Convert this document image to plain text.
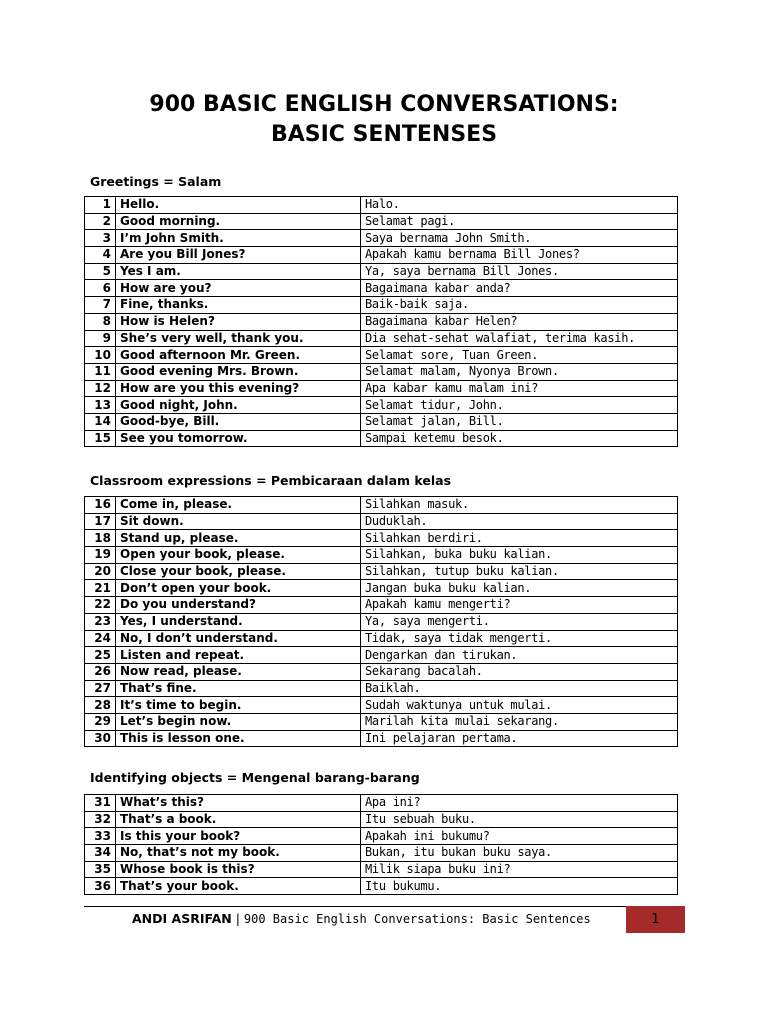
900 BASIC ENGLISH CONVERSATIONS:
BASIC SENTENSES
Greetings = Salam
1	Hello.	Halo.
2	Good morning.	Selamat pagi.
3	I’m John Smith.	Saya bernama John Smith.
4	Are you Bill Jones?	Apakah kamu bernama Bill Jones?
5	Yes I am.	Ya, saya bernama Bill Jones.
6	How are you?	Bagaimana kabar anda?
7	Fine, thanks.	Baik-baik saja.
8	How is Helen?	Bagaimana kabar Helen?
9	She’s very well, thank you.	Dia sehat-sehat walafiat, terima kasih.
10	Good afternoon Mr. Green.	Selamat sore, Tuan Green.
11	Good evening Mrs. Brown.	Selamat malam, Nyonya Brown.
12	How are you this evening?	Apa kabar kamu malam ini?
13	Good night, John.	Selamat tidur, John.
14	Good-bye, Bill.	Selamat jalan, Bill.
15	See you tomorrow.	Sampai ketemu besok.
Classroom expressions = Pembicaraan dalam kelas
16	Come in, please.	Silahkan masuk.
17	Sit down.	Duduklah.
18	Stand up, please.	Silahkan berdiri.
19	Open your book, please.	Silahkan, buka buku kalian.
20	Close your book, please.	Silahkan, tutup buku kalian.
21	Don’t open your book.	Jangan buka buku kalian.
22	Do you understand?	Apakah kamu mengerti?
23	Yes, I understand.	Ya, saya mengerti.
24	No, I don’t understand.	Tidak, saya tidak mengerti.
25	Listen and repeat.	Dengarkan dan tirukan.
26	Now read, please.	Sekarang bacalah.
27	That’s fine.	Baiklah.
28	It’s time to begin.	Sudah waktunya untuk mulai.
29	Let’s begin now.	Marilah kita mulai sekarang.
30	This is lesson one.	Ini pelajaran pertama.
Identifying objects = Mengenal barang-barang
31	What’s this?	Apa ini?
32	That’s a book.	Itu sebuah buku.
33	Is this your book?	Apakah ini bukumu?
34	No, that’s not my book.	Bukan, itu bukan buku saya.
35	Whose book is this?	Milik siapa buku ini?
36	That’s your book.	Itu bukumu.
ANDI ASRIFAN | 900 Basic English Conversations: Basic Sentences	1
